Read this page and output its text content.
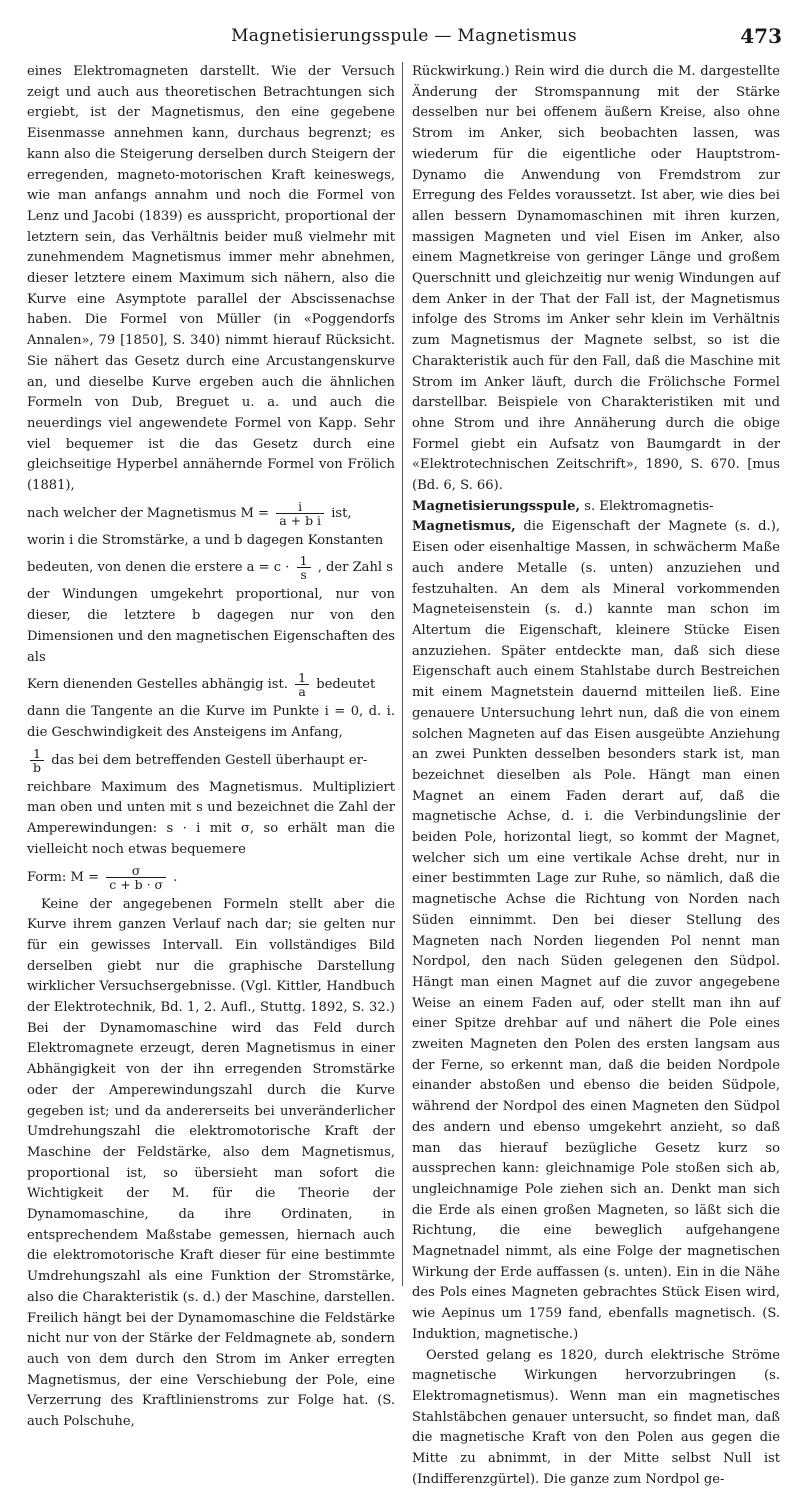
Magnetisierungsspule — Magnetismus	473

eines Elektromagneten darstellt. Wie der Versuch zeigt und auch aus theoretischen Betrachtungen sich ergiebt, ist der Magnetismus, den eine gegebene Eisenmasse annehmen kann, durchaus begrenzt; es kann also die Steigerung derselben durch Steigern der erregenden, magneto-motorischen Kraft keineswegs, wie man anfangs annahm und noch die Formel von Lenz und Jacobi (1839) es ausspricht, proportional der letztern sein, das Verhältnis beider muß vielmehr mit zunehmendem Magnetismus immer mehr abnehmen, dieser letztere einem Maximum sich nähern, also die Kurve eine Asymptote parallel der Abscissenachse haben. Die Formel von Müller (in «Poggendorfs Annalen», 79 [1850], S. 340) nimmt hierauf Rücksicht. Sie nähert das Gesetz durch eine Arcustangenskurve an, und dieselbe Kurve ergeben auch die ähnlichen Formeln von Dub, Breguet u. a. und auch die neuerdings viel angewendete Formel von Kapp. Sehr viel bequemer ist die das Gesetz durch eine gleichseitige Hyperbel annähernde Formel von Frölich (1881),

nach welcher der Magnetismus $M = \frac{i}{\text{a + b i}}$ ist,

worin i die Stromstärke, a und b dagegen Konstanten

bedeuten, von denen die erstere $a = c \cdot \frac{1}{s}$ , der Zahl s

der Windungen umgekehrt proportional, nur von dieser, die letztere b dagegen nur von den Dimensionen und den magnetischen Eigenschaften des als

Kern dienenden Gestelles abhängig ist. $\frac{1}{a}$ bedeutet

dann die Tangente an die Kurve im Punkte i = 0, d. i. die Geschwindigkeit des Ansteigens im Anfang,

$\frac{1}{b}$ das bei dem betreffenden Gestell überhaupt er-

reichbare Maximum des Magnetismus. Multipliziert man oben und unten mit s und bezeichnet die Zahl der Amperewindungen: s · i mit σ, so erhält man die vielleicht noch etwas bequemere

Form: $M = \frac{\sigma}{c + b \cdot \sigma}$ .

Keine der angegebenen Formeln stellt aber die Kurve ihrem ganzen Verlauf nach dar; sie gelten nur für ein gewisses Intervall. Ein vollständiges Bild derselben giebt nur die graphische Darstellung wirklicher Versuchsergebnisse. (Vgl. Kittler, Handbuch der Elektrotechnik, Bd. 1, 2. Aufl., Stuttg. 1892, S. 32.) Bei der Dynamomaschine wird das Feld durch Elektromagnete erzeugt, deren Magnetismus in einer Abhängigkeit von der ihn erregenden Stromstärke oder der Amperewindungszahl durch die Kurve gegeben ist; und da andererseits bei unveränderlicher Umdrehungszahl die elektromotorische Kraft der Maschine der Feldstärke, also dem Magnetismus, proportional ist, so übersieht man sofort die Wichtigkeit der M. für die Theorie der Dynamomaschine, da ihre Ordinaten, in entsprechendem Maßstabe gemessen, hiernach auch die elektromotorische Kraft dieser für eine bestimmte Umdrehungszahl als eine Funktion der Stromstärke, also die Charakteristik (s. d.) der Maschine, darstellen. Freilich hängt bei der Dynamomaschine die Feldstärke nicht nur von der Stärke der Feldmagnete ab, sondern auch von dem durch den Strom im Anker erregten Magnetismus, der eine Verschiebung der Pole, eine Verzerrung des Kraftlinienstroms zur Folge hat. (S. auch Polschuhe,

Rückwirkung.) Rein wird die durch die M. dargestellte Änderung der Stromspannung mit der Stärke desselben nur bei offenem äußern Kreise, also ohne Strom im Anker, sich beobachten lassen, was wiederum für die eigentliche oder Hauptstrom-Dynamo die Anwendung von Fremdstrom zur Erregung des Feldes voraussetzt. Ist aber, wie dies bei allen bessern Dynamomaschinen mit ihren kurzen, massigen Magneten und viel Eisen im Anker, also einem Magnetkreise von geringer Länge und großem Querschnitt und gleichzeitig nur wenig Windungen auf dem Anker in der That der Fall ist, der Magnetismus infolge des Stroms im Anker sehr klein im Verhältnis zum Magnetismus der Magnete selbst, so ist die Charakteristik auch für den Fall, daß die Maschine mit Strom im Anker läuft, durch die Frölichsche Formel darstellbar. Beispiele von Charakteristiken mit und ohne Strom und ihre Annäherung durch die obige Formel giebt ein Aufsatz von Baumgardt in der «Elektrotechnischen Zeitschrift», 1890, S. 670. [mus (Bd. 6, S. 66).

Magnetisierungsspule, s. Elektromagnetis-

Magnetismus, die Eigenschaft der Magnete (s. d.), Eisen oder eisenhaltige Massen, in schwächerm Maße auch andere Metalle (s. unten) anzuziehen und festzuhalten. An dem als Mineral vorkommenden Magneteisenstein (s. d.) kannte man schon im Altertum die Eigenschaft, kleinere Stücke Eisen anzuziehen. Später entdeckte man, daß sich diese Eigenschaft auch einem Stahlstabe durch Bestreichen mit einem Magnetstein dauernd mitteilen ließ. Eine genauere Untersuchung lehrt nun, daß die von einem solchen Magneten auf das Eisen ausgeübte Anziehung an zwei Punkten desselben besonders stark ist, man bezeichnet dieselben als Pole. Hängt man einen Magnet an einem Faden derart auf, daß die magnetische Achse, d. i. die Verbindungslinie der beiden Pole, horizontal liegt, so kommt der Magnet, welcher sich um eine vertikale Achse dreht, nur in einer bestimmten Lage zur Ruhe, so nämlich, daß die magnetische Achse die Richtung von Norden nach Süden einnimmt. Den bei dieser Stellung des Magneten nach Norden liegenden Pol nennt man Nordpol, den nach Süden gelegenen den Südpol. Hängt man einen Magnet auf die zuvor angegebene Weise an einem Faden auf, oder stellt man ihn auf einer Spitze drehbar auf und nähert die Pole eines zweiten Magneten den Polen des ersten langsam aus der Ferne, so erkennt man, daß die beiden Nordpole einander abstoßen und ebenso die beiden Südpole, während der Nordpol des einen Magneten den Südpol des andern und ebenso umgekehrt anzieht, so daß man das hierauf bezügliche Gesetz kurz so aussprechen kann: gleichnamige Pole stoßen sich ab, ungleichnamige Pole ziehen sich an. Denkt man sich die Erde als einen großen Magneten, so läßt sich die Richtung, die eine beweglich aufgehangene Magnetnadel nimmt, als eine Folge der magnetischen Wirkung der Erde auffassen (s. unten). Ein in die Nähe des Pols eines Magneten gebrachtes Stück Eisen wird, wie Aepinus um 1759 fand, ebenfalls magnetisch. (S. Induktion, magnetische.)

Oersted gelang es 1820, durch elektrische Ströme magnetische Wirkungen hervorzubringen (s. Elektromagnetismus). Wenn man ein magnetisches Stahlstäbchen genauer untersucht, so findet man, daß die magnetische Kraft von den Polen aus gegen die Mitte zu abnimmt, in der Mitte selbst Null ist (Indifferenzgürtel). Die ganze zum Nordpol ge-
